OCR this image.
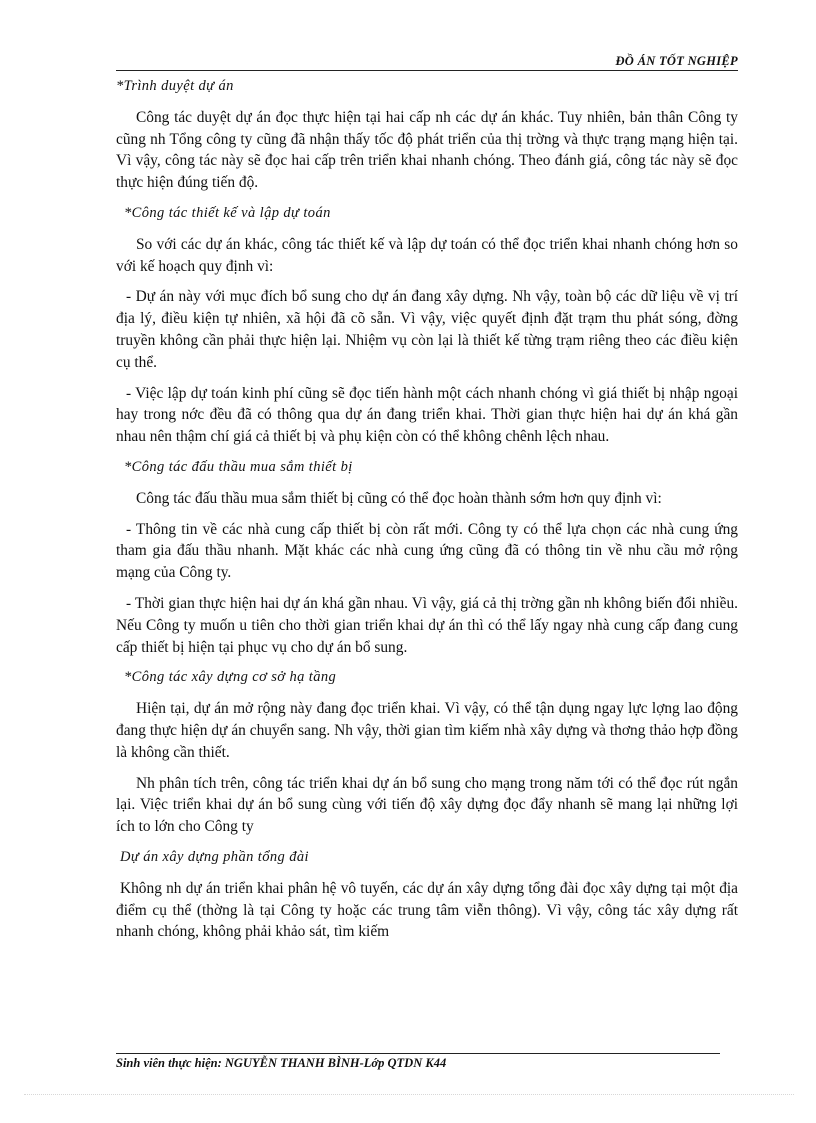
ĐỒ ÁN TỐT NGHIỆP

*Trình duyệt dự án

Công tác duyệt dự án đọc thực hiện tại hai cấp nh các dự án khác. Tuy nhiên, bản thân Công ty cũng nh Tổng công ty cũng đã nhận thấy tốc độ phát triển của thị trờng và thực trạng mạng hiện tại. Vì vậy, công tác này sẽ đọc hai cấp trên triển khai nhanh chóng. Theo đánh giá, công tác này sẽ đọc thực hiện đúng tiến độ.

*Công tác thiết kế và lập dự toán

So với các dự án khác, công tác thiết kế và lập dự toán có thể đọc triển khai nhanh chóng hơn so với kế hoạch quy định vì:

- Dự án này với mục đích bổ sung cho dự án đang xây dựng. Nh vậy, toàn bộ các dữ liệu về vị trí địa lý, điều kiện tự nhiên, xã hội đã cõ sẵn. Vì vậy, việc quyết định đặt trạm thu phát sóng, đờng truyền không cần phải thực hiện lại. Nhiệm vụ còn lại là thiết kế từng trạm riêng theo các điều kiện cụ thể.

- Việc lập dự toán kinh phí cũng sẽ đọc tiến hành một cách nhanh chóng vì giá thiết bị nhập ngoại hay trong nớc đều đã có thông qua dự án đang triển khai. Thời gian thực hiện hai dự án khá gần nhau nên thậm chí giá cả thiết bị và phụ kiện còn có thể không chênh lệch nhau.

*Công tác đấu thầu mua sắm thiết bị

Công tác đấu thầu mua sắm thiết bị cũng có thể đọc hoàn thành sớm hơn quy định vì:

- Thông tin về các nhà cung cấp thiết bị còn rất mới. Công ty có thể lựa chọn các nhà cung ứng tham gia đấu thầu nhanh. Mặt khác các nhà cung ứng cũng đã có thông tin về nhu cầu mở rộng mạng của Công ty.

- Thời gian thực hiện hai dự án khá gần nhau. Vì vậy, giá cả thị trờng gần nh không biến đổi nhiều. Nếu Công ty muốn u tiên cho thời gian triển khai dự án thì có thể lấy ngay nhà cung cấp đang cung cấp thiết bị hiện tại phục vụ cho dự án bổ sung.

*Công tác xây dựng cơ sở hạ tầng

Hiện tại, dự án mở rộng này đang đọc triển khai. Vì vậy, có thể tận dụng ngay lực lợng lao động đang thực hiện dự án chuyển sang. Nh vậy, thời gian tìm kiếm nhà xây dựng và thơng thảo hợp đồng là không cần thiết.

Nh phân tích trên, công tác triển khai dự án bổ sung cho mạng trong năm tới có thể đọc rút ngắn lại. Việc triển khai dự án bổ sung cùng với tiến độ xây dựng đọc đẩy nhanh sẽ mang lại những lợi ích to lớn cho Công ty

Dự án xây dựng phần tổng đài

Không nh dự án triển khai phân hệ vô tuyến, các dự án xây dựng tổng đài đọc xây dựng tại một địa điểm cụ thể (thờng là tại Công ty hoặc các trung tâm viễn thông). Vì vậy, công tác xây dựng rất nhanh chóng, không phải khảo sát, tìm kiếm

Sinh viên thực hiện: NGUYỄN THANH BÌNH-Lớp QTDN K44
